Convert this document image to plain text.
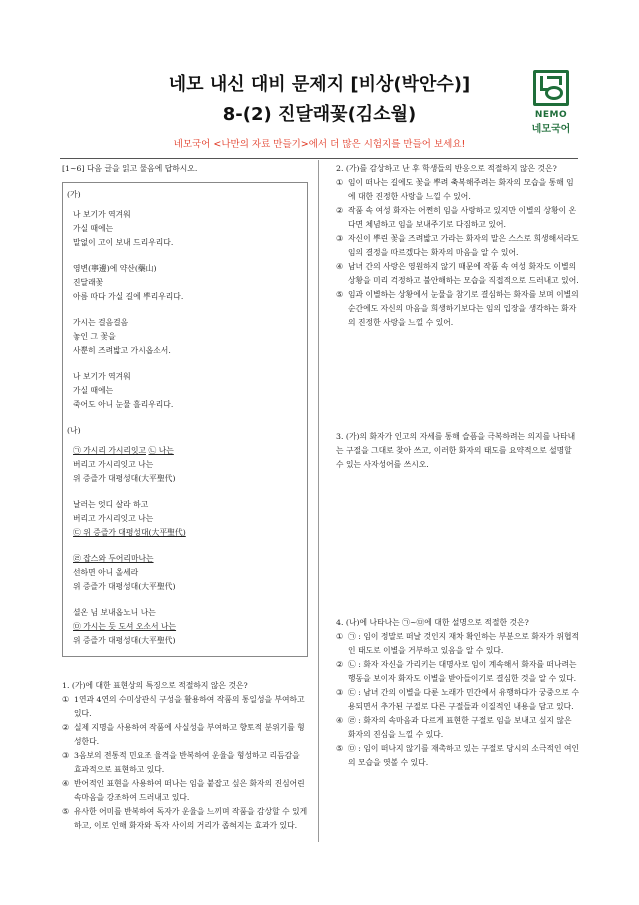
네모 내신 대비 문제지 [비상(박안수)]
8-(2) 진달래꽃(김소월)
네모국어 <나만의 자료 만들기>에서 더 많은 시험지를 만들어 보세요!
NEMO
네모국어
[1~6] 다음 글을 읽고 물음에 답하시오.
(가)
나 보기가 역겨워
가실 때에는
말없이 고이 보내 드리우리다.
영변(寧邊)에 약산(藥山)
진달래꽃
아름 따다 가실 길에 뿌리우리다.
가시는 걸음걸음
놓인 그 꽃을
사뿐히 즈려밟고 가시옵소서.
나 보기가 역겨워
가실 때에는
죽어도 아니 눈물 흘리우리다.
(나)
㉠ 가시리 가시리잇고 ㉡ 나는
버리고 가시리잇고 나는
위 증즐가 대평성대(大平聖代)
날러는 엇디 살라 하고
버리고 가시리잇고 나는
㉢ 위 증즐가 대평성대(大平聖代)
㉣ 잡스와 두어리마나는
선하면 아니 올세라
위 증즐가 대평성대(大平聖代)
셜온 님 보내옵노니 나는
㉤ 가시는 듯 도셔 오소서 나는
위 증즐가 대평성대(大平聖代)
1. (가)에 대한 표현상의 특징으로 적절하지 않은 것은?
① 1연과 4연의 수미상관식 구성을 활용하여 작품의 통일성을 부여하고 있다.
② 실제 지명을 사용하여 작품에 사실성을 부여하고 향토적 분위기를 형성한다.
③ 3음보의 전통적 민요조 율격을 반복하여 운율을 형성하고 리듬감을 효과적으로 표현하고 있다.
④ 반어적인 표현을 사용하여 떠나는 임을 붙잡고 싶은 화자의 진심어린 속마음을 강조하여 드러내고 있다.
⑤ 유사한 어미를 반복하여 독자가 운율을 느끼며 작품을 감상할 수 있게 하고, 이로 인해 화자와 독자 사이의 거리가 좁혀지는 효과가 있다.
2. (가)를 감상하고 난 후 학생들의 반응으로 적절하지 않은 것은?
① 임이 떠나는 길에도 꽃을 뿌려 축복해주려는 화자의 모습을 통해 임에 대한 진정한 사랑을 느낄 수 있어.
② 작품 속 여성 화자는 어쩐히 임을 사랑하고 있지만 이별의 상황이 온다면 체념하고 임을 보내주기로 다짐하고 있어.
③ 자신이 뿌린 꽃을 즈려밟고 가라는 화자의 말은 스스로 희생해서라도 임의 결정을 따르겠다는 화자의 마음을 알 수 있어.
④ 남녀 간의 사랑은 영원하지 않기 때문에 작품 속 여성 화자도 이별의 상황을 미리 걱정하고 불안해하는 모습을 직접적으로 드러내고 있어.
⑤ 임과 이별하는 상황에서 눈물을 참기로 결심하는 화자를 보며 이별의 순간에도 자신의 마음을 희생하기보다는 임의 입장을 생각하는 화자의 진정한 사랑을 느낄 수 있어.
3. (가)의 화자가 인고의 자세를 통해 슬픔을 극복하려는 의지를 나타내는 구절을 그대로 찾아 쓰고, 이러한 화자의 태도를 요약적으로 설명할 수 있는 사자성어를 쓰시오.
4. (나)에 나타나는 ㉠~㉤에 대한 설명으로 적절한 것은?
① ㉠ : 임이 정말로 떠날 것인지 재차 확인하는 부분으로 화자가 위협적인 태도로 이별을 거부하고 있음을 알 수 있다.
② ㉡ : 화자 자신을 가리키는 대명사로 임이 계속해서 화자를 떠나려는 행동을 보이자 화자도 이별을 받아들이기로 결심한 것을 알 수 있다.
③ ㉢ : 남녀 간의 이별을 다룬 노래가 민간에서 유행하다가 궁중으로 수용되면서 추가된 구절로 다른 구절들과 이질적인 내용을 담고 있다.
④ ㉣ : 화자의 속마음과 다르게 표현한 구절로 임을 보내고 싶지 않은 화자의 진심을 느낄 수 있다.
⑤ ㉤ : 임이 떠나지 않기를 재촉하고 있는 구절로 당시의 소극적인 여인의 모습을 엿볼 수 있다.
